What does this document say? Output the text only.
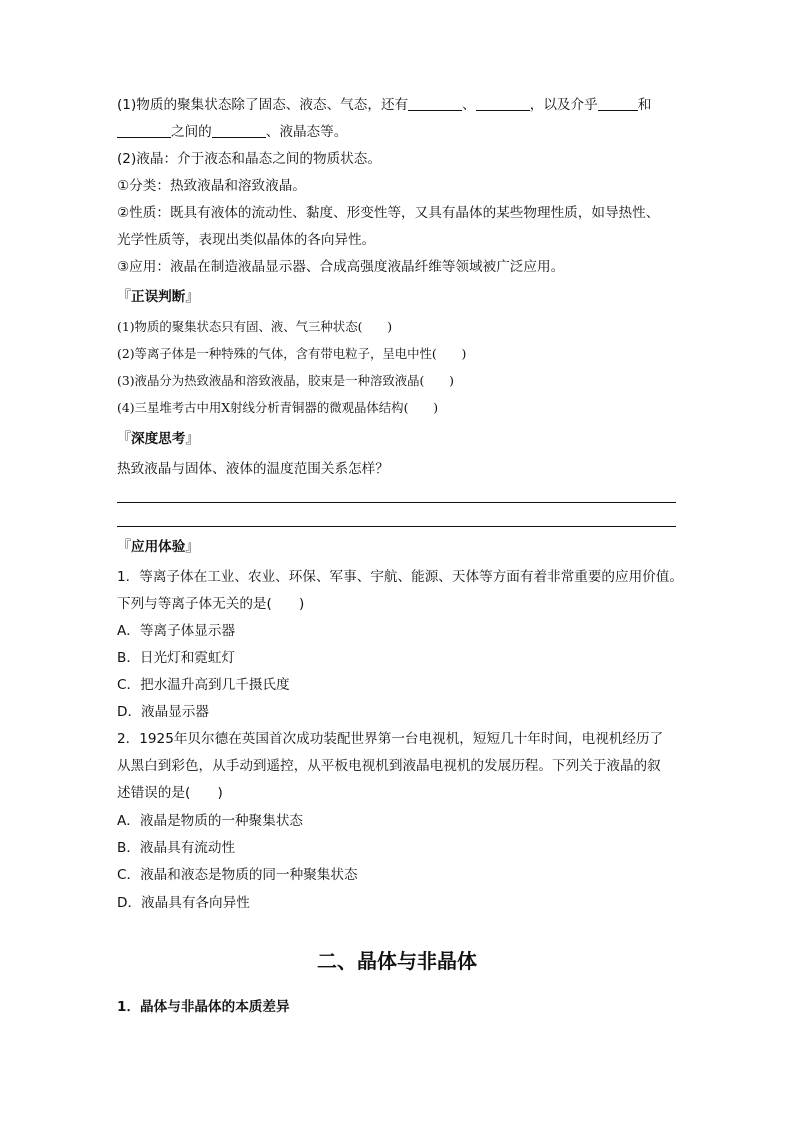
(1)物质的聚集状态除了固态、液态、气态，还有	、	，以及介乎	和
之间的	、液晶态等。
(2)液晶：介于液态和晶态之间的物质状态。
①分类：热致液晶和溶致液晶。
②性质：既具有液体的流动性、黏度、形变性等，又具有晶体的某些物理性质，如导热性、
光学性质等，表现出类似晶体的各向异性。
③应用：液晶在制造液晶显示器、合成高强度液晶纤维等领域被广泛应用。
『正误判断』
(1)物质的聚集状态只有固、液、气三种状态(　　)
(2)等离子体是一种特殊的气体，含有带电粒子，呈电中性(　　)
(3)液晶分为热致液晶和溶致液晶，胶束是一种溶致液晶(　　)
(4)三星堆考古中用X射线分析青铜器的微观晶体结构(　　)
『深度思考』
热致液晶与固体、液体的温度范围关系怎样？
『应用体验』
1．等离子体在工业、农业、环保、军事、宇航、能源、天体等方面有着非常重要的应用价值。
下列与等离子体无关的是(　　)
A．等离子体显示器
B．日光灯和霓虹灯
C．把水温升高到几千摄氏度
D．液晶显示器
2．1925年贝尔德在英国首次成功装配世界第一台电视机，短短几十年时间，电视机经历了
从黑白到彩色，从手动到遥控，从平板电视机到液晶电视机的发展历程。下列关于液晶的叙
述错误的是(　　)
A．液晶是物质的一种聚集状态
B．液晶具有流动性
C．液晶和液态是物质的同一种聚集状态
D．液晶具有各向异性
二、晶体与非晶体
1．晶体与非晶体的本质差异
